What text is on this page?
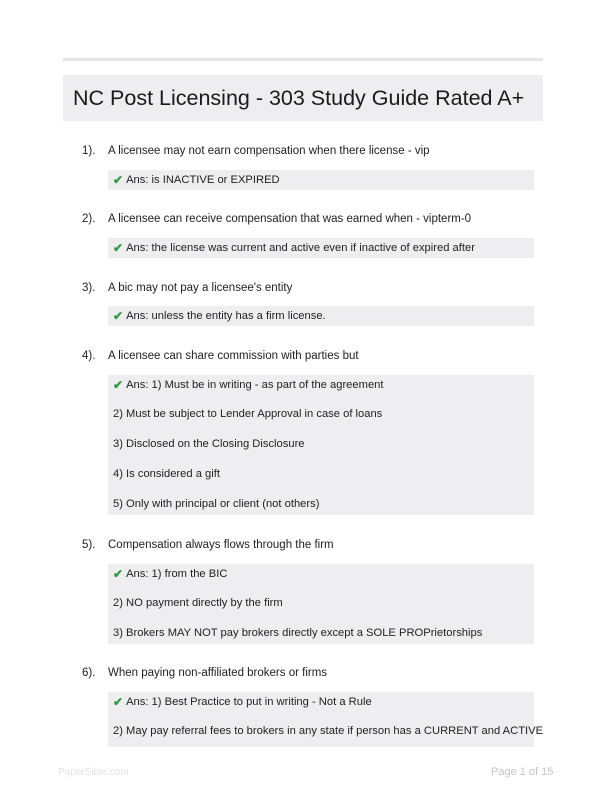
NC Post Licensing - 303 Study Guide Rated A+
1). A licensee may not earn compensation when there license - vip
✔ Ans: is INACTIVE or EXPIRED
2). A licensee can receive compensation that was earned when - vipterm-0
✔ Ans: the license was current and active even if inactive of expired after
3). A bic may not pay a licensee's entity
✔ Ans: unless the entity has a firm license.
4). A licensee can share commission with parties but
✔ Ans: 1) Must be in writing - as part of the agreement
2) Must be subject to Lender Approval in case of loans
3) Disclosed on the Closing Disclosure
4) Is considered a gift
5) Only with principal or client (not others)
5). Compensation always flows through the firm
✔ Ans: 1) from the BIC
2) NO payment directly by the firm
3) Brokers MAY NOT pay brokers directly except a SOLE PROPrietorships
6). When paying non-affiliated brokers or firms
✔ Ans: 1) Best Practice to put in writing - Not a Rule
2) May pay referral fees to brokers in any state if person has a CURRENT and ACTIVE
PaperSible.com	Page 1 of 15
